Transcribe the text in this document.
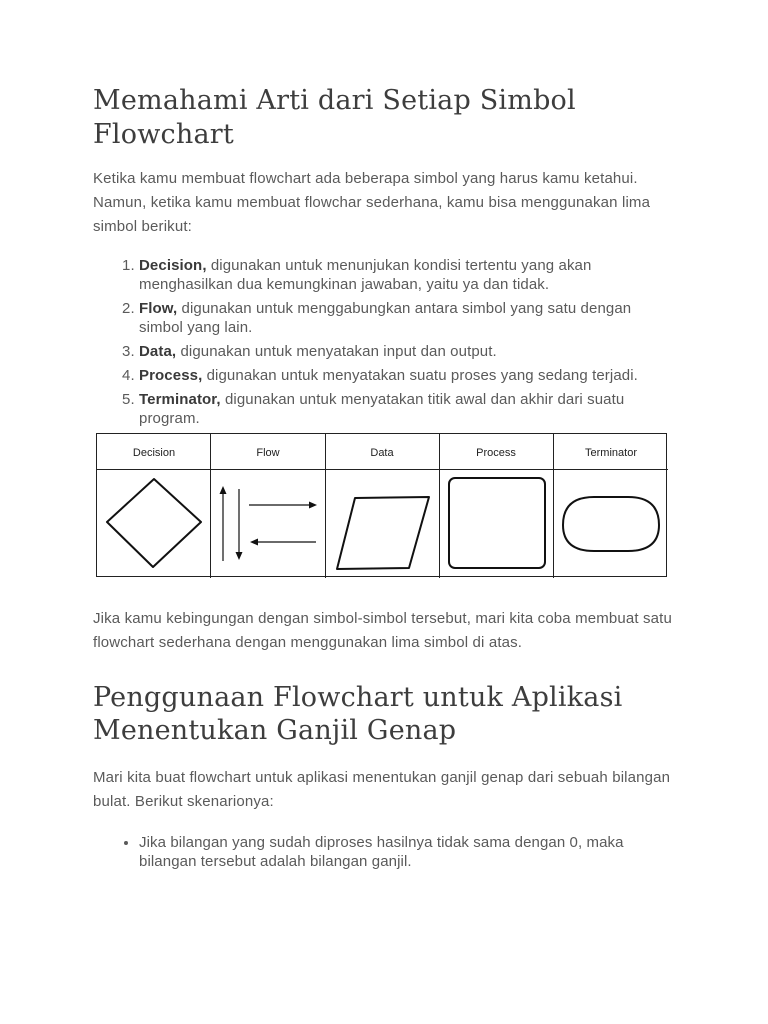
Memahami Arti dari Setiap Simbol Flowchart

Ketika kamu membuat flowchart ada beberapa simbol yang harus kamu ketahui. Namun, ketika kamu membuat flowchar sederhana, kamu bisa menggunakan lima simbol berikut:

1. Decision, digunakan untuk menunjukan kondisi tertentu yang akan menghasilkan dua kemungkinan jawaban, yaitu ya dan tidak.
2. Flow, digunakan untuk menggabungkan antara simbol yang satu dengan simbol yang lain.
3. Data, digunakan untuk menyatakan input dan output.
4. Process, digunakan untuk menyatakan suatu proses yang sedang terjadi.
5. Terminator, digunakan untuk menyatakan titik awal dan akhir dari suatu program.
Decision	Flow	Data	Process	Terminator

Jika kamu kebingungan dengan simbol-simbol tersebut, mari kita coba membuat satu flowchart sederhana dengan menggunakan lima simbol di atas.

Penggunaan Flowchart untuk Aplikasi Menentukan Ganjil Genap

Mari kita buat flowchart untuk aplikasi menentukan ganjil genap dari sebuah bilangan bulat. Berikut skenarionya:

• Jika bilangan yang sudah diproses hasilnya tidak sama dengan 0, maka bilangan tersebut adalah bilangan ganjil.
